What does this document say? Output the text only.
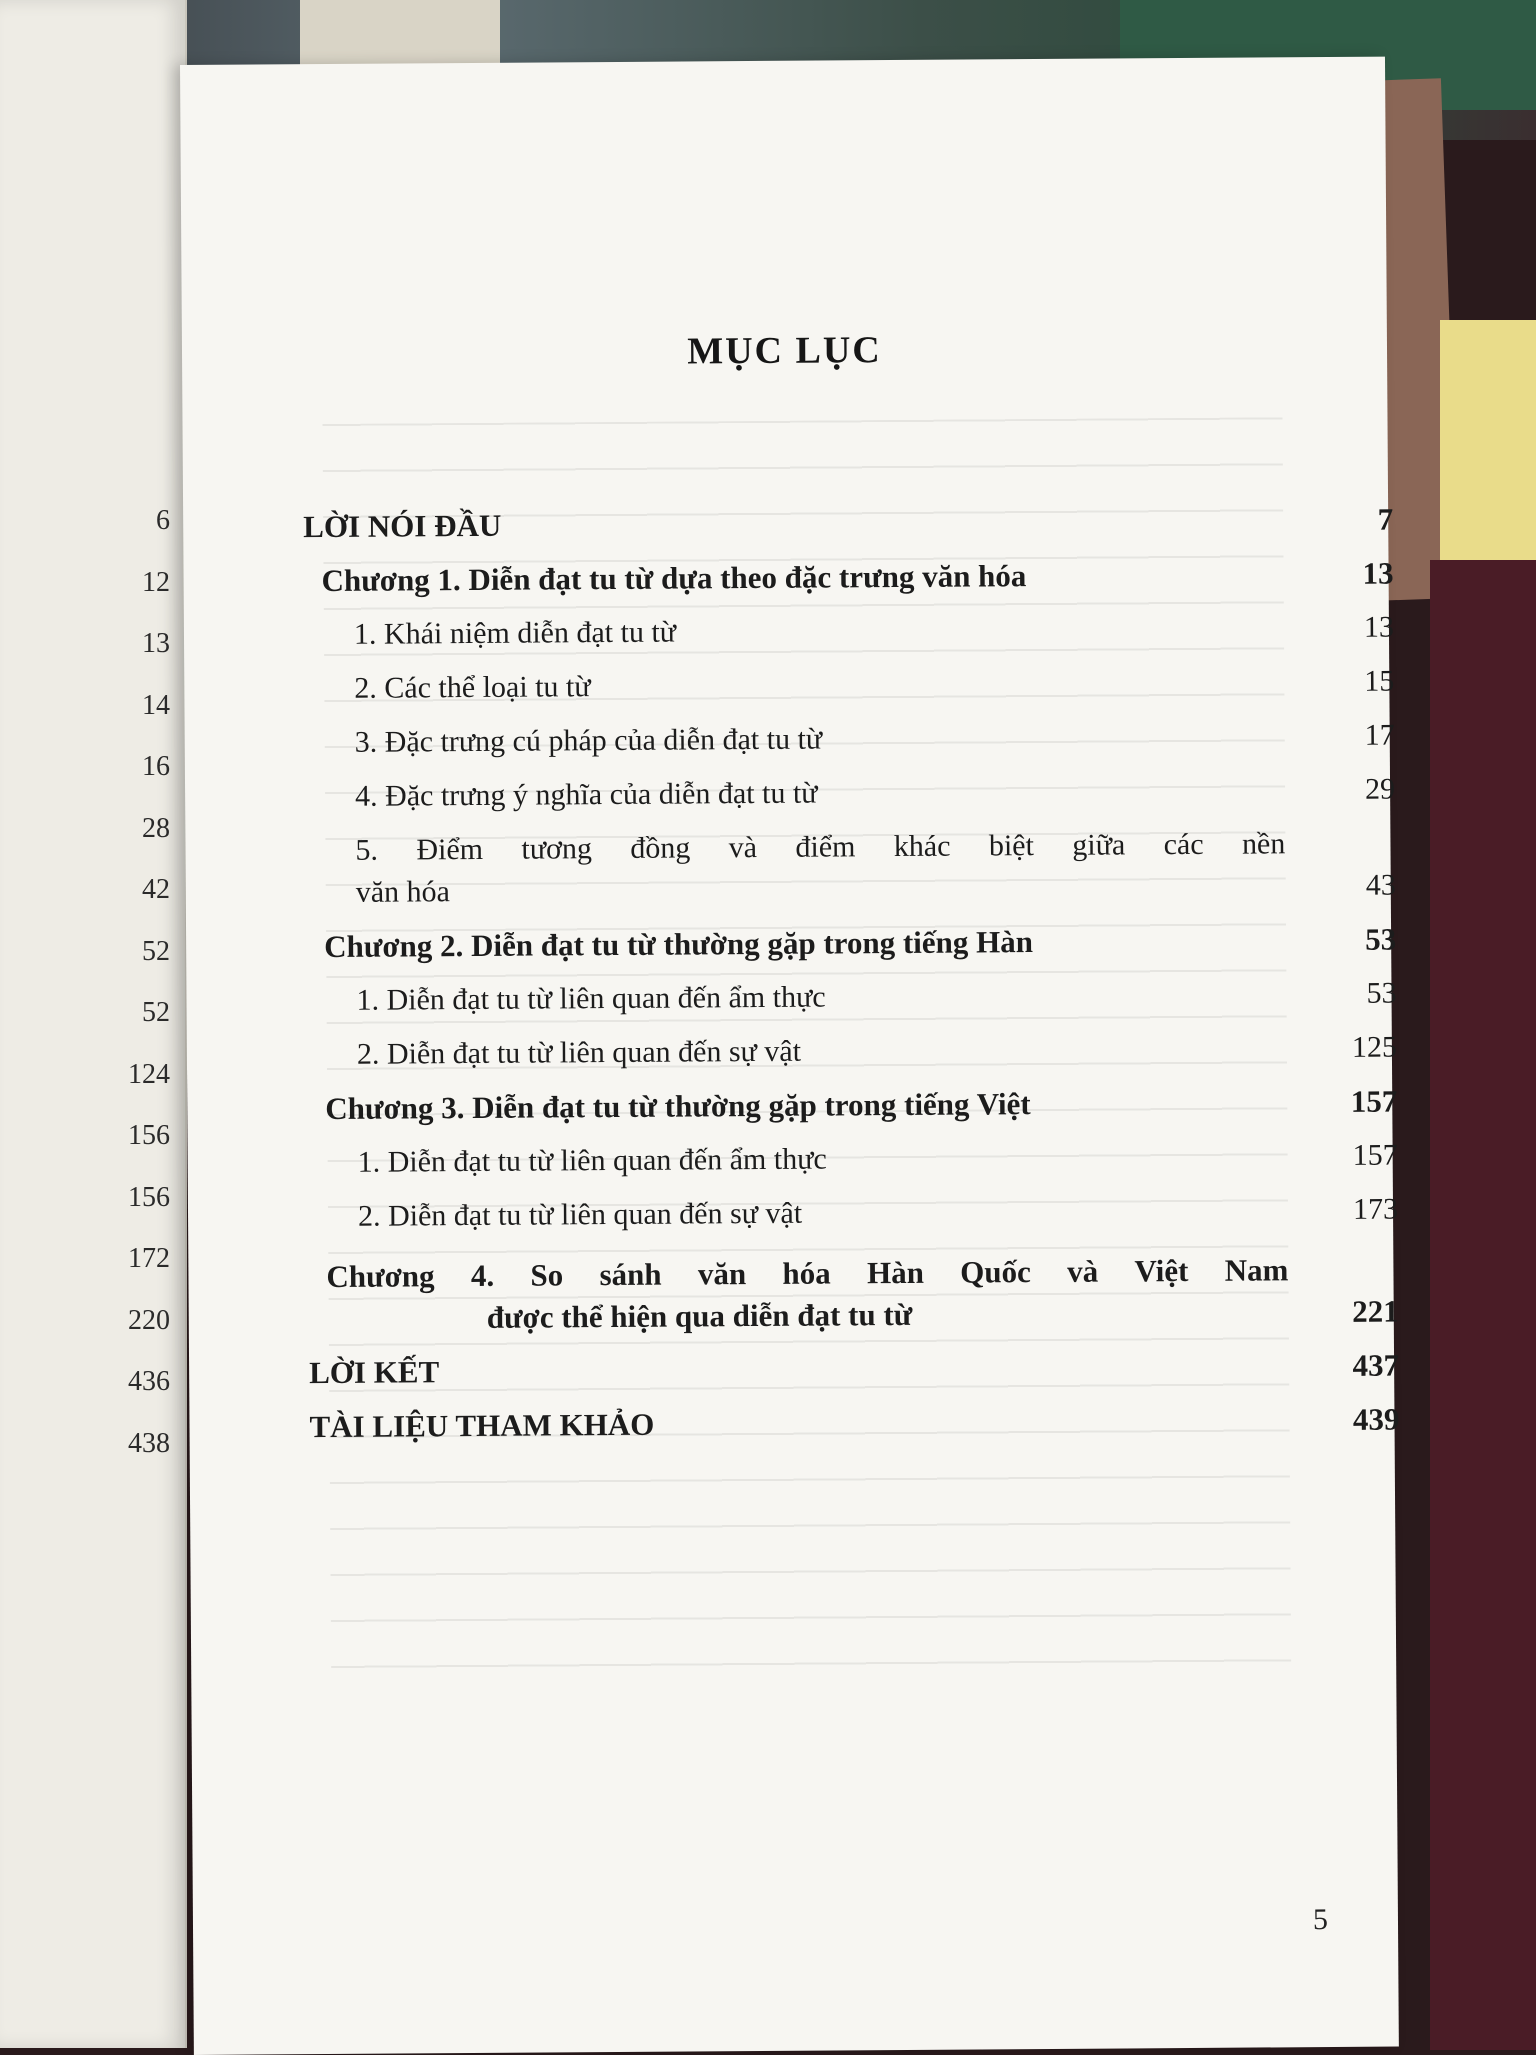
6
12
13
14
16
28
42
52
52
124
156
156
172
220
436
438
MỤC LỤC
LỜI NÓI ĐẦU	7
Chương 1. Diễn đạt tu từ dựa theo đặc trưng văn hóa	13
1. Khái niệm diễn đạt tu từ	13
2. Các thể loại tu từ	15
3. Đặc trưng cú pháp của diễn đạt tu từ	17
4. Đặc trưng ý nghĩa của diễn đạt tu từ	29
5. Điểm tương đồng và điểm khác biệt giữa các nền
văn hóa	43
Chương 2. Diễn đạt tu từ thường gặp trong tiếng Hàn	53
1. Diễn đạt tu từ liên quan đến ẩm thực	53
2. Diễn đạt tu từ liên quan đến sự vật	125
Chương 3. Diễn đạt tu từ thường gặp trong tiếng Việt	157
1. Diễn đạt tu từ liên quan đến ẩm thực	157
2. Diễn đạt tu từ liên quan đến sự vật	173
Chương 4. So sánh văn hóa Hàn Quốc và Việt Nam
được thể hiện qua diễn đạt tu từ	221
LỜI KẾT	437
TÀI LIỆU THAM KHẢO	439
5
